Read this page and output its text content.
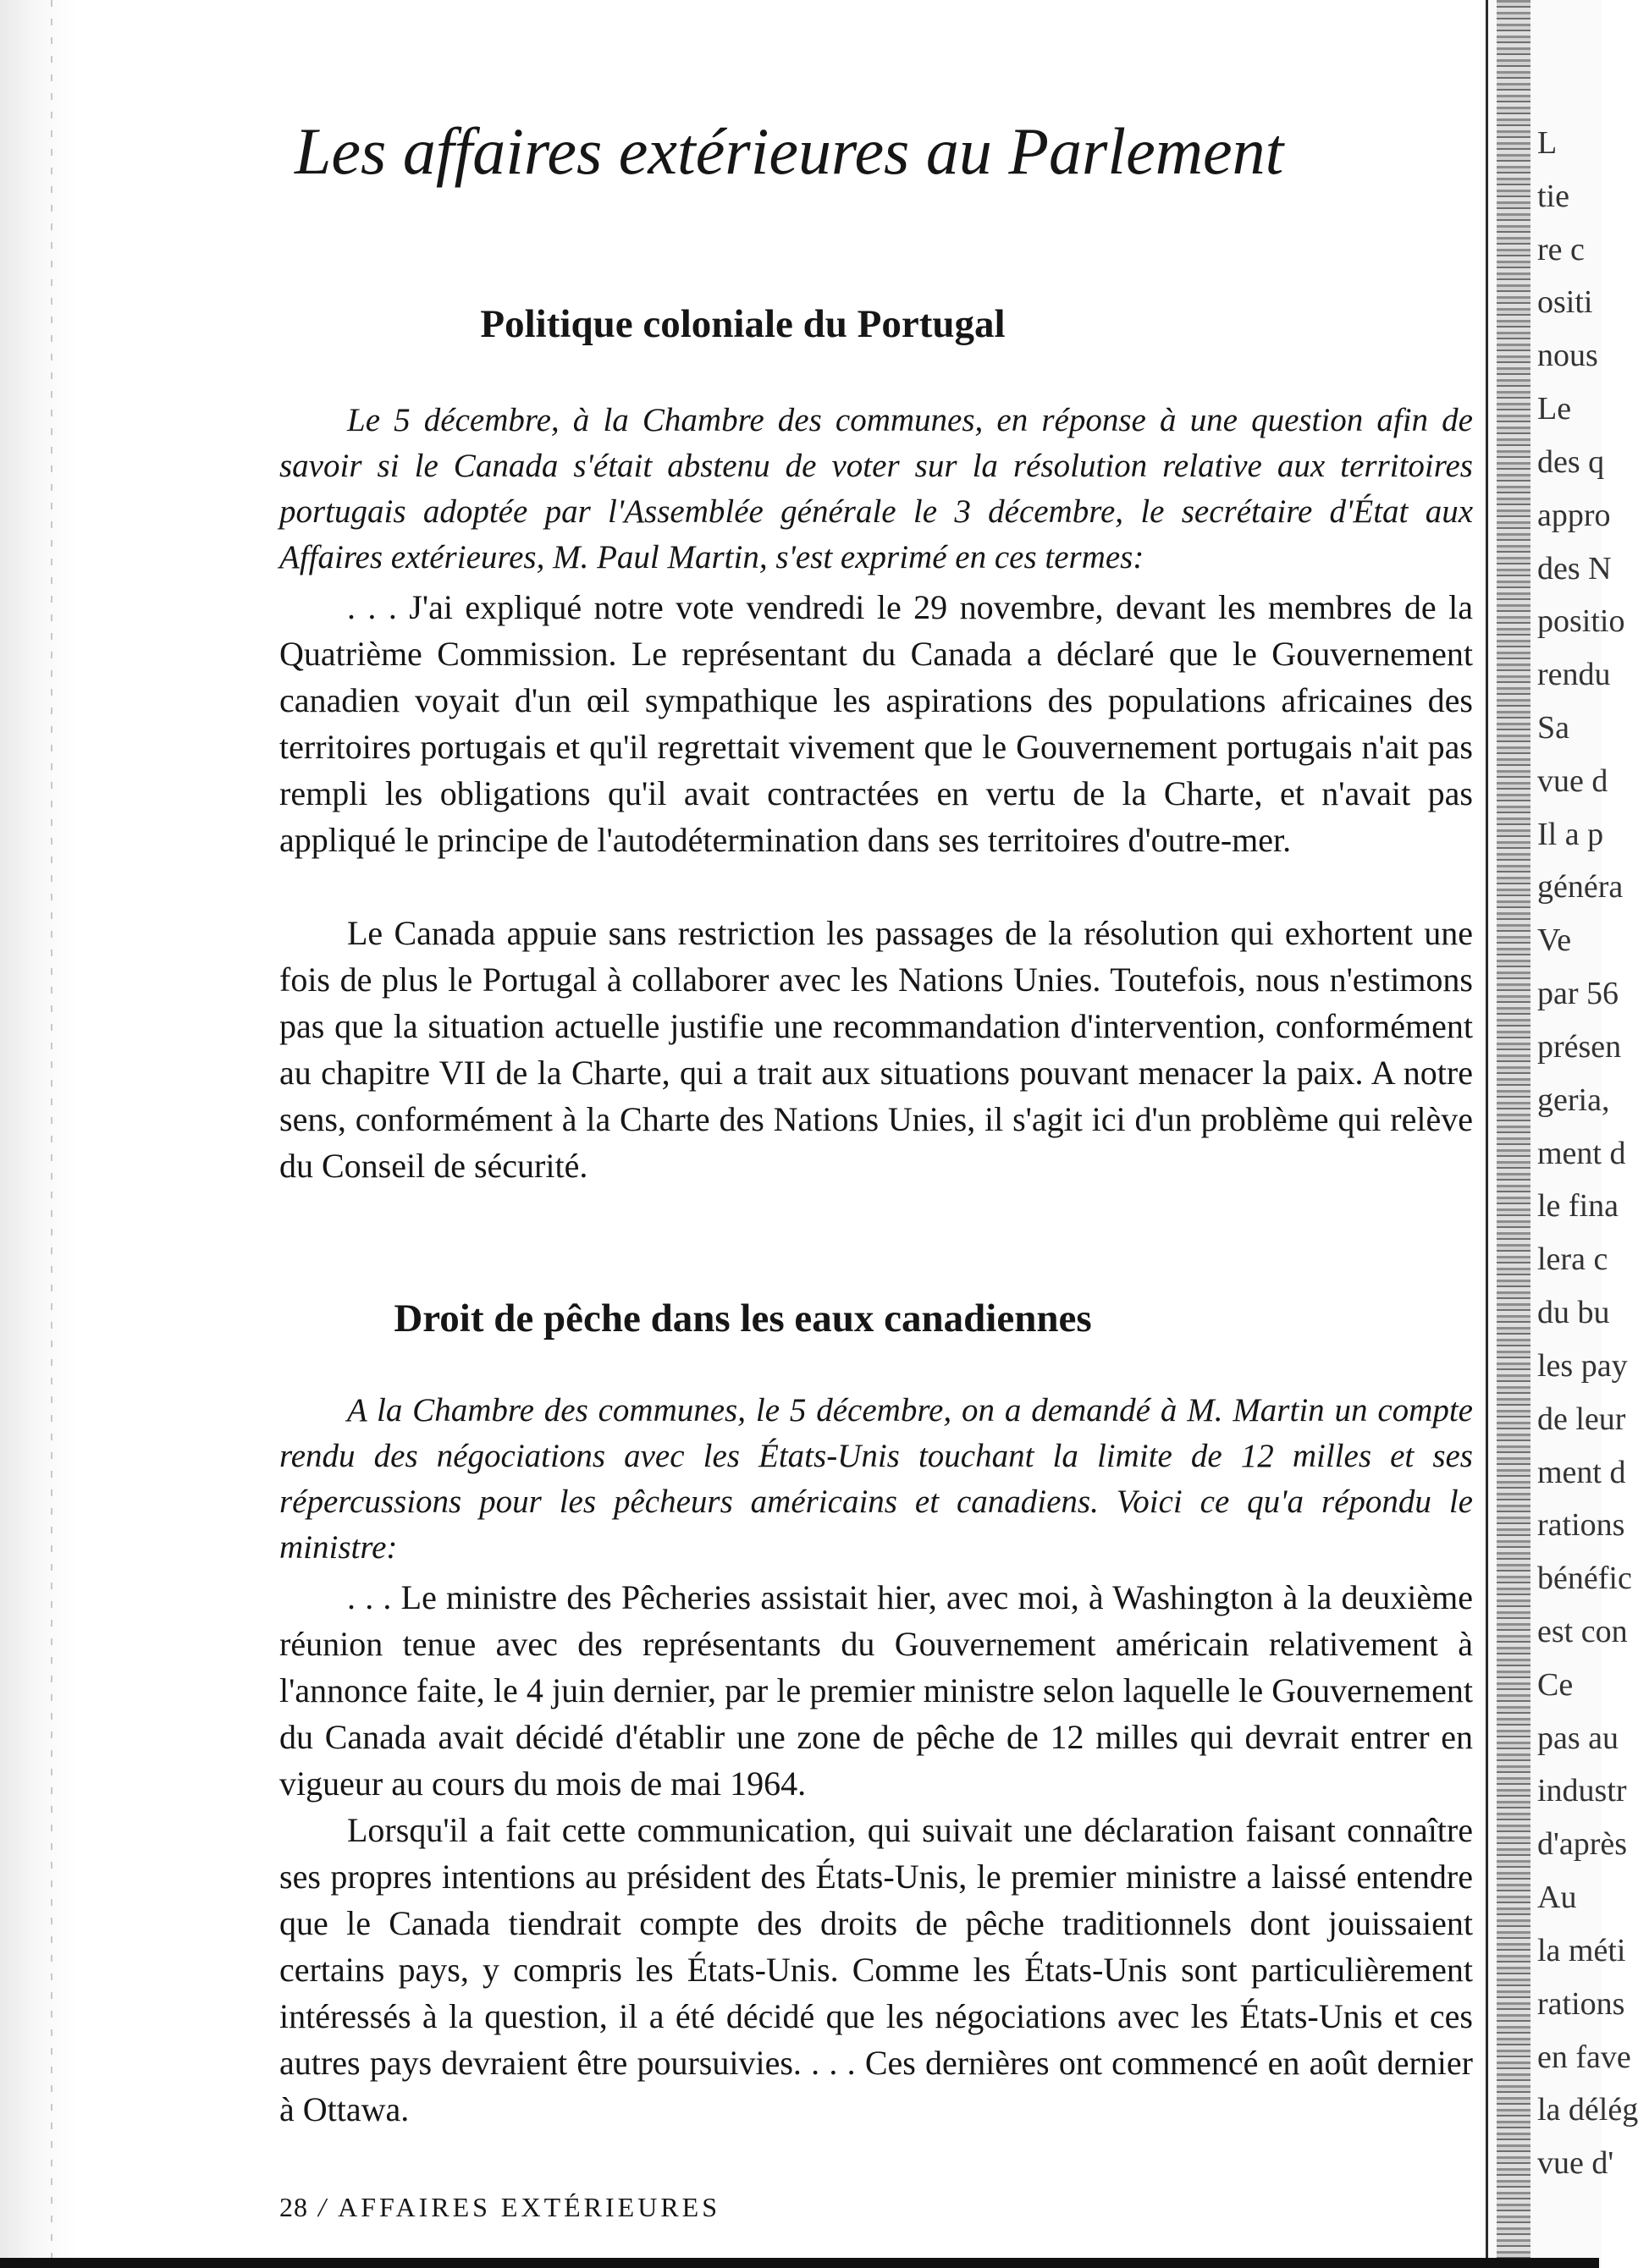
Les affaires extérieures au Parlement
Politique coloniale du Portugal

Le 5 décembre, à la Chambre des communes, en réponse à une question afin de savoir si le Canada s'était abstenu de voter sur la résolution relative aux territoires portugais adoptée par l'Assemblée générale le 3 décembre, le secrétaire d'État aux Affaires extérieures, M. Paul Martin, s'est exprimé en ces termes:

. . . J'ai expliqué notre vote vendredi le 29 novembre, devant les membres de la Quatrième Commission. Le représentant du Canada a déclaré que le Gouvernement canadien voyait d'un œil sympathique les aspirations des populations africaines des territoires portugais et qu'il regrettait vivement que le Gouvernement portugais n'ait pas rempli les obligations qu'il avait contractées en vertu de la Charte, et n'avait pas appliqué le principe de l'autodétermination dans ses territoires d'outre-mer.

Le Canada appuie sans restriction les passages de la résolution qui exhortent une fois de plus le Portugal à collaborer avec les Nations Unies. Toutefois, nous n'estimons pas que la situation actuelle justifie une recommandation d'intervention, conformément au chapitre VII de la Charte, qui a trait aux situations pouvant menacer la paix. A notre sens, conformément à la Charte des Nations Unies, il s'agit ici d'un problème qui relève du Conseil de sécurité.

Droit de pêche dans les eaux canadiennes

A la Chambre des communes, le 5 décembre, on a demandé à M. Martin un compte rendu des négociations avec les États-Unis touchant la limite de 12 milles et ses répercussions pour les pêcheurs américains et canadiens. Voici ce qu'a répondu le ministre:

. . . Le ministre des Pêcheries assistait hier, avec moi, à Washington à la deuxième réunion tenue avec des représentants du Gouvernement américain relativement à l'annonce faite, le 4 juin dernier, par le premier ministre selon laquelle le Gouvernement du Canada avait décidé d'établir une zone de pêche de 12 milles qui devrait entrer en vigueur au cours du mois de mai 1964.

Lorsqu'il a fait cette communication, qui suivait une déclaration faisant connaître ses propres intentions au président des États-Unis, le premier ministre a laissé entendre que le Canada tiendrait compte des droits de pêche traditionnels dont jouissaient certains pays, y compris les États-Unis. Comme les États-Unis sont particulièrement intéressés à la question, il a été décidé que les négociations avec les États-Unis et ces autres pays devraient être poursuivies. . . . Ces dernières ont commencé en août dernier à Ottawa.

28 / AFFAIRES EXTÉRIEURES
L
tie
re c
ositi
nous
Le
des q
appro
des N
positio
rendu
Sa
vue d
Il a p
généra
Ve
par 56
présen
geria,
ment d
le fina
lera c
du bu
les pay
de leur
ment d
rations
bénéfic
est con
Ce
pas au
industr
d'après
Au
la méti
rations
en fave
la délég
vue d'
